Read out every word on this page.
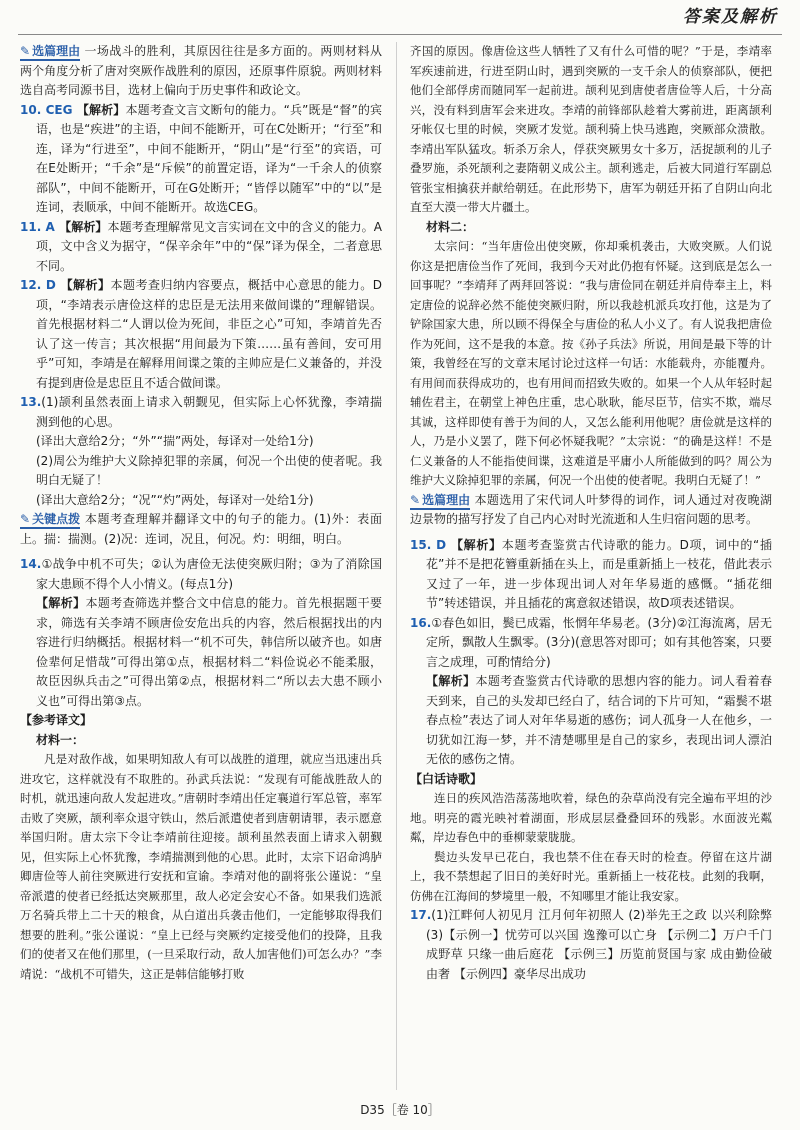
答案及解析
✎ 选篇理由 一场战斗的胜利，其原因往往是多方面的。两则材料从两个角度分析了唐对突厥作战胜利的原因，还原事件原貌。两则材料选自高考同源书目，选材上偏向于历史事件和政论文。
10. CEG 【解析】本题考查文言文断句的能力。“兵”既是“督”的宾语，也是“疾进”的主语，中间不能断开，可在C处断开；“行至”和连，译为“行进至”，中间不能断开，“阴山”是“行至”的宾语，可在E处断开；“千余”是“斥候”的前置定语，译为“一千余人的侦察部队”，中间不能断开，可在G处断开；“皆俘以随军”中的“以”是连词，表顺承，中间不能断开。故选CEG。
11. A 【解析】本题考查理解常见文言实词在文中的含义的能力。A项，文中含义为据守，“保辛余年”中的“保”译为保全，二者意思不同。
12. D 【解析】本题考查归纳内容要点，概括中心意思的能力。D项，“李靖表示唐俭这样的忠臣是无法用来做间谍的”理解错误。首先根据材料二“人谓以俭为死间，非臣之心”可知，李靖首先否认了这一传言；其次根据“用间最为下策……虽有善间，安可用乎”可知，李靖是在解释用间谍之策的主帅应是仁义兼备的，并没有提到唐俭是忠臣且不适合做间谍。
13.(1)颉利虽然表面上请求入朝觐见，但实际上心怀犹豫，李靖揣测到他的心思。
(译出大意给2分；“外”“揣”两处，每译对一处给1分)
(2)周公为维护大义除掉犯罪的亲属，何况一个出使的使者呢。我明白无疑了！
(译出大意给2分；“况”“灼”两处，每译对一处给1分)
✎ 关键点拨 本题考查理解并翻译文中的句子的能力。(1)外：表面上。揣：揣测。(2)况：连词，况且，何况。灼：明细，明白。
14.①战争中机不可失；②认为唐俭无法使突厥归附；③为了消除国家大患顾不得个人小情义。(每点1分)
【解析】本题考查筛选并整合文中信息的能力。首先根据题干要求，筛选有关李靖不顾唐俭安危出兵的内容，然后根据找出的内容进行归纳概括。根据材料一“机不可失，韩信所以破齐也。如唐俭辈何足惜哉”可得出第①点，根据材料二“料俭说必不能柔服，故臣因纵兵击之”可得出第②点，根据材料二“所以去大患不顾小义也”可得出第③点。
【参考译文】
材料一：
凡是对敌作战，如果明知敌人有可以战胜的道理，就应当迅速出兵进攻它，这样就没有不取胜的。孙武兵法说：“发现有可能战胜敌人的时机，就迅速向敌人发起进攻。”唐朝时李靖出任定襄道行军总管，率军击败了突厥，颉利率众退守铁山，然后派遣使者到唐朝请罪，表示愿意举国归附。唐太宗下令让李靖前往迎接。颉利虽然表面上请求入朝觐见，但实际上心怀犹豫，李靖揣测到他的心思。此时，太宗下诏命鸿胪卿唐俭等人前往突厥进行安抚和宣谕。李靖对他的副将张公谨说：“皇帝派遣的使者已经抵达突厥那里，敌人必定会安心不备。如果我们选派万名骑兵带上二十天的粮食，从白道出兵袭击他们，一定能够取得我们想要的胜利。”张公谨说：“皇上已经与突厥约定接受他们的投降，且我们的使者又在他们那里，(一旦采取行动，敌人加害他们)可怎么办？”李靖说：“战机不可错失，这正是韩信能够打败
齐国的原因。像唐俭这些人牺牲了又有什么可惜的呢？”于是，李靖率军疾速前进，行进至阴山时，遇到突厥的一支千余人的侦察部队，便把他们全部俘虏而随同军一起前进。颉利见到唐使者唐俭等人后，十分高兴，没有料到唐军会来进攻。李靖的前锋部队趁着大雾前进，距离颉利牙帐仅七里的时候，突厥才发觉。颉利骑上快马逃跑，突厥部众溃散。李靖出军队猛攻。斩杀万余人，俘获突厥男女十多万，活捉颉利的儿子叠罗施，杀死颉利之妻隋朝义成公主。颉利逃走，后被大同道行军副总管张宝相擒获并献给朝廷。在此形势下，唐军为朝廷开拓了自阴山向北直至大漠一带大片疆土。
材料二：
太宗问：“当年唐俭出使突厥，你却乘机袭击，大败突厥。人们说你这是把唐俭当作了死间，我到今天对此仍抱有怀疑。这到底是怎么一回事呢？”李靖拜了两拜回答说：“我与唐俭同在朝廷并肩侍奉主上，料定唐俭的说辞必然不能使突厥归附，所以我趁机派兵攻打他，这是为了铲除国家大患，所以顾不得保全与唐俭的私人小义了。有人说我把唐俭作为死间，这不是我的本意。按《孙子兵法》所说，用间是最下等的计策，我曾经在写的文章末尾讨论过这样一句话：水能载舟，亦能覆舟。有用间而获得成功的，也有用间而招致失败的。如果一个人从年轻时起辅佐君主，在朝堂上神色庄重，忠心耿耿，能尽臣节，信实不欺，端尽其诚，这样即使有善于为间的人，又怎么能利用他呢？唐俭就是这样的人，乃是小义罢了，陛下何必怀疑我呢？”太宗说：“的确是这样！不是仁义兼备的人不能指使间谍，这难道是平庸小人所能做到的吗？周公为维护大义除掉犯罪的亲属，何况一个出使的使者呢。我明白无疑了！”
✎ 选篇理由 本题选用了宋代词人叶梦得的词作，词人通过对夜晚湖边景物的描写抒发了自己内心对时光流逝和人生归宿问题的思考。
15. D 【解析】本题考查鉴赏古代诗歌的能力。D项，词中的“插花”并不是把花簪重新插在头上，而是重新插上一枝花，借此表示又过了一年，进一步体现出词人对年华易逝的感慨。“插花细节”转述错误，并且插花的寓意叙述错误，故D项表述错误。
16.①春色如旧，鬓已成霜，怅惘年华易老。(3分)②江海流离，居无定所，飘散人生飘零。(3分)(意思答对即可；如有其他答案，只要言之成理，可酌情给分)
【解析】本题考查鉴赏古代诗歌的思想内容的能力。词人看着春天到来，自己的头发却已经白了，结合词的下片可知，“霜鬓不堪春点检”表达了词人对年华易逝的感伤；词人孤身一人在他乡，一切犹如江海一梦，并不清楚哪里是自己的家乡，表现出词人漂泊无依的感伤之情。
【白话诗歌】
连日的疾风浩浩荡荡地吹着，绿色的杂草尚没有完全遍布平坦的沙地。明亮的霞光映衬着湖面，形成层层叠叠回环的残影。水面波光粼粼，岸边春色中的垂柳蒙蒙胧胧。
鬓边头发早已花白，我也禁不住在春天时的检查。停留在这片湖上，我不禁想起了旧日的美好时光。重新插上一枝花枝。此刻的我啊，仿佛在江海间的梦境里一般，不知哪里才能让我安家。
17.(1)江畔何人初见月 江月何年初照人 (2)举先王之政 以兴利除弊 (3)【示例一】忧劳可以兴国 逸豫可以亡身 【示例二】万户千门成野草 只缘一曲后庭花 【示例三】历览前贤国与家 成由勤俭破由奢 【示例四】豪华尽出成功
D35［卷 10］
